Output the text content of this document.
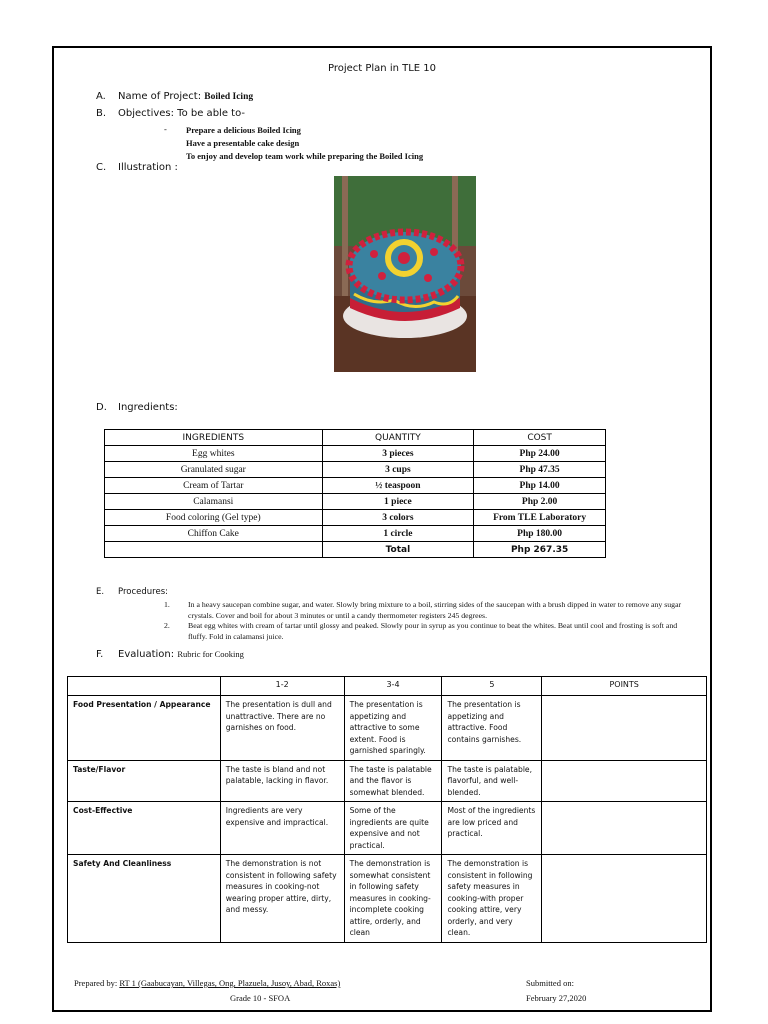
Project Plan in TLE 10
A. Name of Project: Boiled Icing
B. Objectives: To be able to-
- Prepare a delicious Boiled Icing
Have a presentable cake design
To enjoy and develop team work while preparing the Boiled Icing
C. Illustration :
D. Ingredients:
INGREDIENTS	QUANTITY	COST
Egg whites	3 pieces	Php 24.00
Granulated sugar	3 cups	Php 47.35
Cream of Tartar	½ teaspoon	Php 14.00
Calamansi	1 piece	Php 2.00
Food coloring (Gel type)	3 colors	From TLE Laboratory
Chiffon Cake	1 circle	Php 180.00
	Total	Php 267.35
E. Procedures:
1.	In a heavy saucepan combine sugar, and water. Slowly bring mixture to a boil, stirring sides of the saucepan with a brush dipped in water to remove any sugar crystals. Cover and boil for about 3 minutes or until a candy thermometer registers 245 degrees.
2.	Beat egg whites with cream of tartar until glossy and peaked. Slowly pour in syrup as you continue to beat the whites. Beat until cool and frosting is soft and fluffy. Fold in calamansi juice.
F. Evaluation: Rubric for Cooking
	1-2	3-4	5	POINTS
Food Presentation / Appearance	The presentation is dull and unattractive. There are no garnishes on food.	The presentation is appetizing and attractive to some extent. Food is garnished sparingly.	The presentation is appetizing and attractive. Food contains garnishes.	
Taste/Flavor	The taste is bland and not palatable, lacking in flavor.	The taste is palatable and the flavor is somewhat blended.	The taste is palatable, flavorful, and well-blended.	
Cost-Effective	Ingredients are very expensive and impractical.	Some of the ingredients are quite expensive and not practical.	Most of the ingredients are low priced and practical.	
Safety And Cleanliness	The demonstration is not consistent in following safety measures in cooking-not wearing proper attire, dirty, and messy.	The demonstration is somewhat consistent in following safety measures in cooking-incomplete cooking attire, orderly, and clean	The demonstration is consistent in following safety measures in cooking-with proper cooking attire, very orderly, and very clean.	
Prepared by: RT 1 (Gaabucayan, Villegas, Ong, Plazuela, Jusoy, Abad, Roxas)
Grade 10 - SFOA
Submitted on:
February 27,2020
